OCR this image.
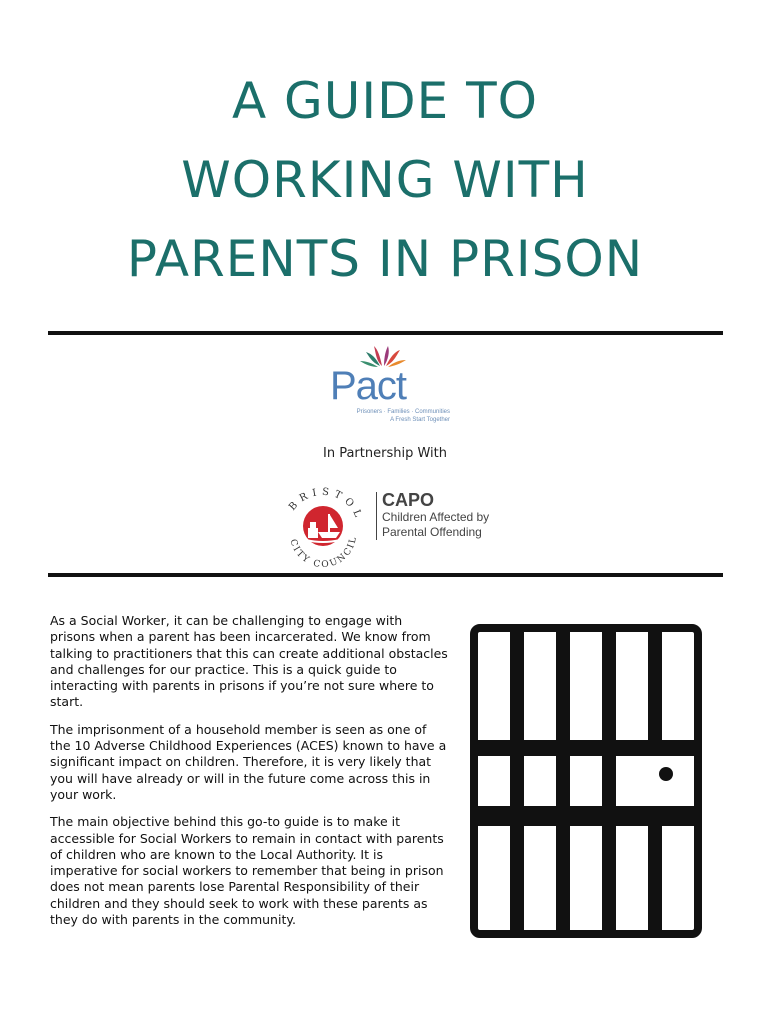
A GUIDE TO
WORKING WITH
PARENTS IN PRISON
Pact
Prisoners · Families · Communities
A Fresh Start Together
In Partnership With
BRISTOL
CITY COUNCIL
CAPO
Children Affected by
Parental Offending

As a Social Worker, it can be challenging to engage with prisons when a parent has been incarcerated. We know from talking to practitioners that this can create additional obstacles and challenges for our practice. This is a quick guide to interacting with parents in prisons if you’re not sure where to start.

The imprisonment of a household member is seen as one of the 10 Adverse Childhood Experiences (ACES) known to have a significant impact on children. Therefore, it is very likely that you will have already or will in the future come across this in your work.

The main objective behind this go-to guide is to make it accessible for Social Workers to remain in contact with parents of children who are known to the Local Authority. It is imperative for social workers to remember that being in prison does not mean parents lose Parental Responsibility of their children and they should seek to work with these parents as they do with parents in the community.
